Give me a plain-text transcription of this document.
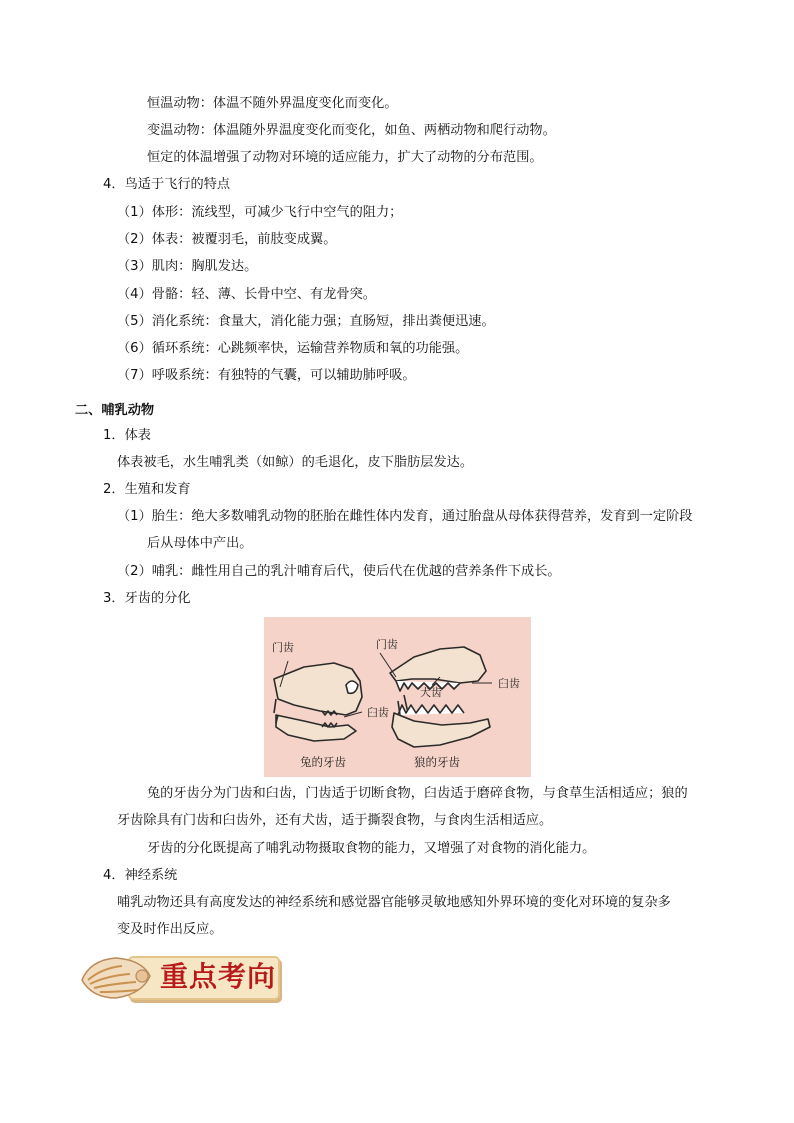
恒温动物：体温不随外界温度变化而变化。
变温动物：体温随外界温度变化而变化，如鱼、两栖动物和爬行动物。
恒定的体温增强了动物对环境的适应能力，扩大了动物的分布范围。
4．鸟适于飞行的特点
（1）体形：流线型，可减少飞行中空气的阻力；
（2）体表：被覆羽毛，前肢变成翼。
（3）肌肉：胸肌发达。
（4）骨骼：轻、薄、长骨中空、有龙骨突。
（5）消化系统：食量大，消化能力强；直肠短，排出粪便迅速。
（6）循环系统：心跳频率快，运输营养物质和氧的功能强。
（7）呼吸系统：有独特的气囊，可以辅助肺呼吸。
二、哺乳动物
1．体表
体表被毛，水生哺乳类（如鲸）的毛退化，皮下脂肪层发达。
2．生殖和发育
（1）胎生：绝大多数哺乳动物的胚胎在雌性体内发育，通过胎盘从母体获得营养，发育到一定阶段
后从母体中产出。
（2）哺乳：雌性用自己的乳汁哺育后代，使后代在优越的营养条件下成长。
3．牙齿的分化
门齿
臼齿
门齿
犬齿
臼齿
兔的牙齿	狼的牙齿
兔的牙齿分为门齿和臼齿，门齿适于切断食物，臼齿适于磨碎食物，与食草生活相适应；狼的
牙齿除具有门齿和臼齿外，还有犬齿，适于撕裂食物，与食肉生活相适应。
牙齿的分化既提高了哺乳动物摄取食物的能力，又增强了对食物的消化能力。
4．神经系统
哺乳动物还具有高度发达的神经系统和感觉器官能够灵敏地感知外界环境的变化对环境的复杂多
变及时作出反应。
重点考向
